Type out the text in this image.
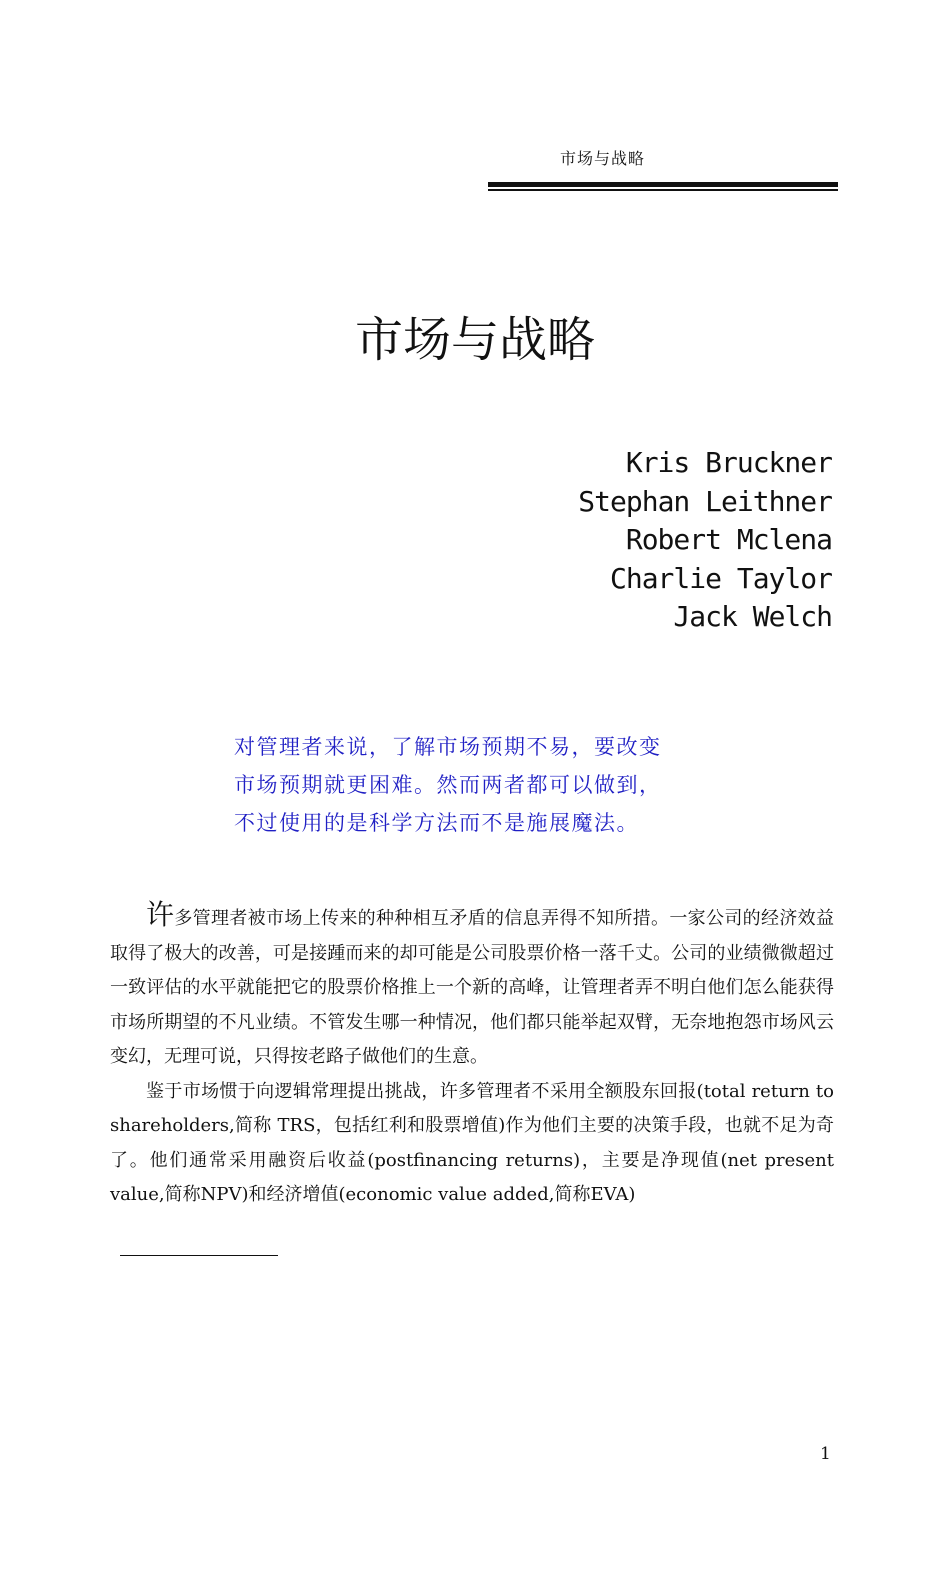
市场与战略
市场与战略
Kris Bruckner
Stephan Leithner
Robert Mclena
Charlie Taylor
Jack Welch

对管理者来说，了解市场预期不易，要改变市场预期就更困难。然而两者都可以做到，不过使用的是科学方法而不是施展魔法。

许多管理者被市场上传来的种种相互矛盾的信息弄得不知所措。一家公司的经济效益取得了极大的改善，可是接踵而来的却可能是公司股票价格一落千丈。公司的业绩微微超过一致评估的水平就能把它的股票价格推上一个新的高峰，让管理者弄不明白他们怎么能获得市场所期望的不凡业绩。不管发生哪一种情况，他们都只能举起双臂，无奈地抱怨市场风云变幻，无理可说，只得按老路子做他们的生意。

鉴于市场惯于向逻辑常理提出挑战，许多管理者不采用全额股东回报(total return to shareholders,简称 TRS，包括红利和股票增值)作为他们主要的决策手段，也就不足为奇了。他们通常采用融资后收益(postfinancing returns)，主要是净现值(net present value,简称NPV)和经济增值(economic value added,简称EVA)

1
